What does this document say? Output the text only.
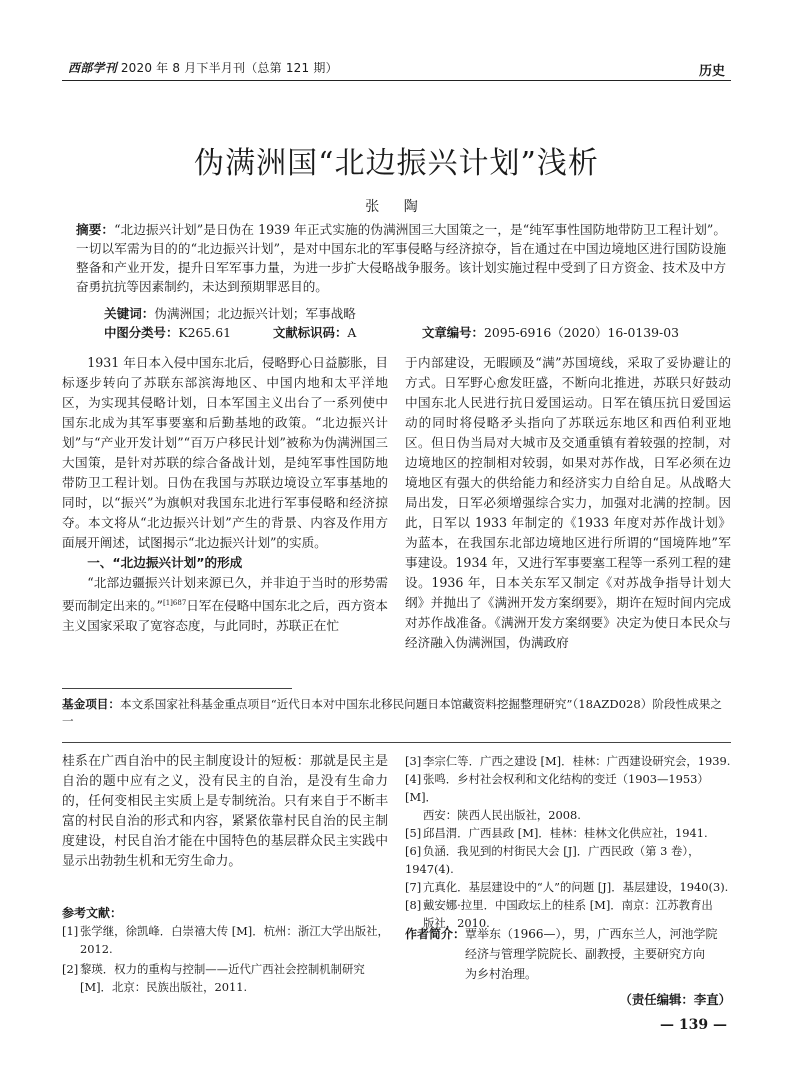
西部学刊 2020 年 8 月下半月刊（总第 121 期）	历史
伪满洲国“北边振兴计划”浅析
张 陶
摘要：“北边振兴计划”是日伪在 1939 年正式实施的伪满洲国三大国策之一，是“纯军事性国防地带防卫工程计划”。一切以军需为目的的“北边振兴计划”，是对中国东北的军事侵略与经济掠夺，旨在通过在中国边境地区进行国防设施整备和产业开发，提升日军军事力量，为进一步扩大侵略战争服务。该计划实施过程中受到了日方资金、技术及中方奋勇抗抗等因素制约，未达到预期罪恶目的。
关键词：伪满洲国；北边振兴计划；军事战略
中图分类号：K265.61	文献标识码：A	文章编号：2095-6916（2020）16-0139-03

1931 年日本入侵中国东北后，侵略野心日益膨胀，目标逐步转向了苏联东部滨海地区、中国内地和太平洋地区，为实现其侵略计划，日本军国主义出台了一系列使中国东北成为其军事要塞和后勤基地的政策。“北边振兴计划”与“产业开发计划”“百万户移民计划”被称为伪满洲国三大国策，是针对苏联的综合备战计划，是纯军事性国防地带防卫工程计划。日伪在我国与苏联边境设立军事基地的同时，以“振兴”为旗帜对我国东北进行军事侵略和经济掠夺。本文将从“北边振兴计划”产生的背景、内容及作用方面展开阐述，试图揭示“北边振兴计划”的实质。

一、“北边振兴计划”的形成

“北部边疆振兴计划来源已久，并非迫于当时的形势需要而制定出来的。”$^{[1]687}$日军在侵略中国东北之后，西方资本主义国家采取了宽容态度，与此同时，苏联正在忙

于内部建设，无暇顾及“满”苏国境线，采取了妥协避让的方式。日军野心愈发旺盛，不断向北推进，苏联只好鼓动中国东北人民进行抗日爱国运动。日军在镇压抗日爱国运动的同时将侵略矛头指向了苏联远东地区和西伯利亚地区。但日伪当局对大城市及交通重镇有着较强的控制，对边境地区的控制相对较弱，如果对苏作战，日军必须在边境地区有强大的供给能力和经济实力自给自足。从战略大局出发，日军必须增强综合实力，加强对北满的控制。因此，日军以 1933 年制定的《1933 年度对苏作战计划》为蓝本，在我国东北部边境地区进行所谓的“国境阵地”军事建设。1934 年，又进行军事要塞工程等一系列工程的建设。1936 年，日本关东军又制定《对苏战争指导计划大纲》并抛出了《满洲开发方案纲要》，期许在短时间内完成对苏作战准备。《满洲开发方案纲要》决定为使日本民众与经济融入伪满洲国，伪满政府

基金项目：本文系国家社科基金重点项目“近代日本对中国东北移民问题日本馆藏资料挖掘整理研究”（18AZD028）阶段性成果之一

桂系在广西自治中的民主制度设计的短板：那就是民主是自治的题中应有之义，没有民主的自治，是没有生命力的，任何变相民主实质上是专制统治。只有来自于不断丰富的村民自治的形式和内容，紧紧依靠村民自治的民主制度建设，村民自治才能在中国特色的基层群众民主实践中显示出勃勃生机和无穷生命力。

参考文献：
[1] 张学继，徐凯峰．白崇禧大传 [M]．杭州：浙江大学出版社，
2012.
[2] 黎瑛．权力的重构与控制——近代广西社会控制机制研究
[M]．北京：民族出版社，2011.
[3] 李宗仁等．广西之建设 [M]．桂林：广西建设研究会，1939.
[4] 张鸣．乡村社会权利和文化结构的变迁（1903—1953）[M]．
西安：陕西人民出版社，2008.
[5] 邱昌渭．广西县政 [M]．桂林：桂林文化供应社，1941.
[6] 负涵．我见到的村街民大会 [J]．广西民政（第 3 卷），1947(4).
[7] 亢真化．基层建设中的“人”的问题 [J]．基层建设，1940(3).
[8] 戴安娜·拉里．中国政坛上的桂系 [M]．南京：江苏教育出
版社，2010.
作者简介：覃举东（1966—），男，广西东兰人，河池学院
经济与管理学院院长、副教授，主要研究方向
为乡村治理。
（责任编辑：李直）
— 139 —
